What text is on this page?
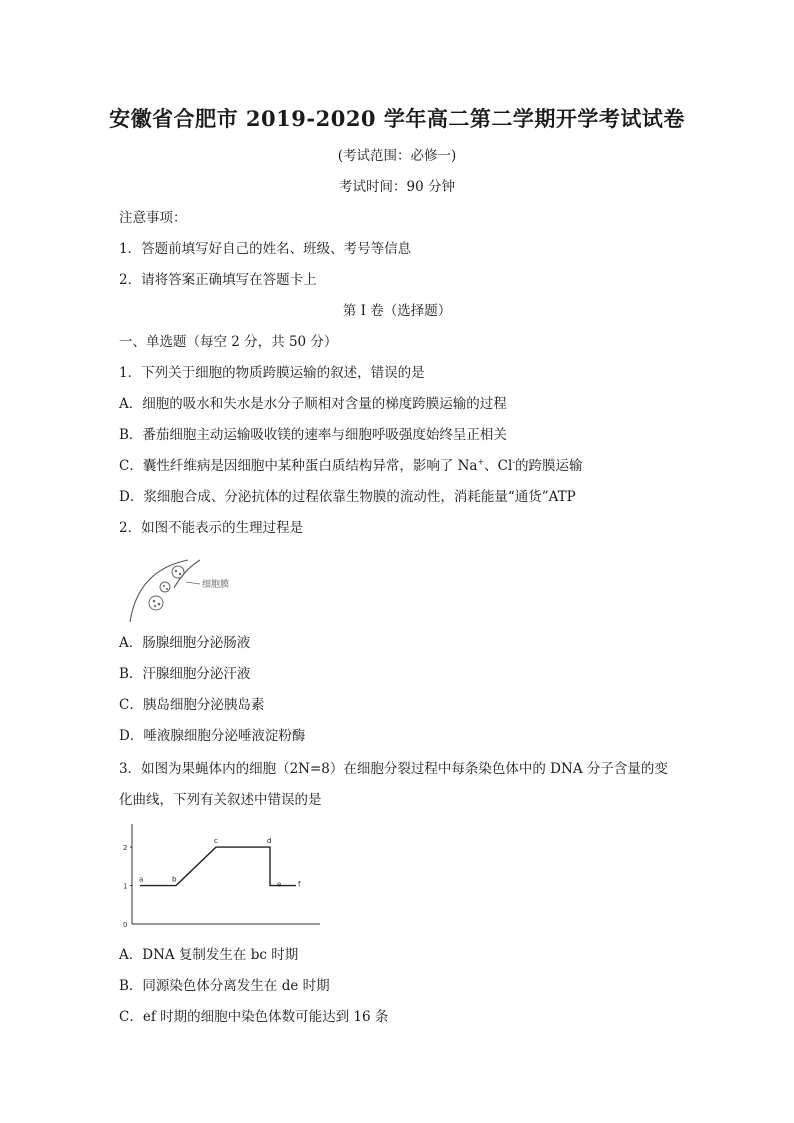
安徽省合肥市 2019-2020 学年高二第二学期开学考试试卷
(考试范围：必修一)
考试时间：90 分钟
注意事项：
1．答题前填写好自己的姓名、班级、考号等信息
2．请将答案正确填写在答题卡上
第 I 卷（选择题）
一、单选题（每空 2 分，共 50 分）
1．下列关于细胞的物质跨膜运输的叙述，错误的是
A．细胞的吸水和失水是水分子顺相对含量的梯度跨膜运输的过程
B．番茄细胞主动运输吸收镁的速率与细胞呼吸强度始终呈正相关
C．囊性纤维病是因细胞中某种蛋白质结构异常，影响了 Na+、Cl-的跨膜运输
D．浆细胞合成、分泌抗体的过程依靠生物膜的流动性，消耗能量“通货”ATP
2．如图不能表示的生理过程是
细胞膜
A．肠腺细胞分泌肠液
B．汗腺细胞分泌汗液
C．胰岛细胞分泌胰岛素
D．唾液腺细胞分泌唾液淀粉酶
3．如图为果蝇体内的细胞（2N=8）在细胞分裂过程中每条染色体中的 DNA 分子含量的变
化曲线，下列有关叙述中错误的是
0
1
2
a	b
c	d
e f
A．DNA 复制发生在 bc 时期
B．同源染色体分离发生在 de 时期
C．ef 时期的细胞中染色体数可能达到 16 条
